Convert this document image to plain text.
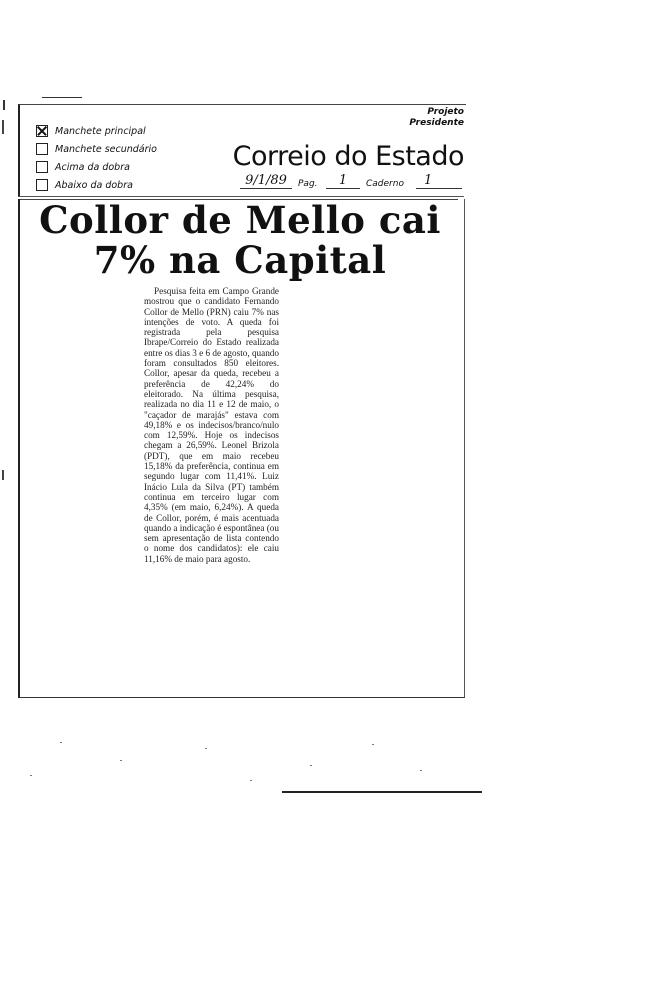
Manchete principal
Manchete secundário
Acima da dobra
Abaixo da dobra
Projeto
Presidente
Correio do Estado
9/1/89	Pag.	1	Caderno	1
Collor de Mello cai
7% na Capital
Pesquisa feita em Campo Grande mostrou que o candidato Fernando Collor de Mello (PRN) caiu 7% nas intenções de voto. A queda foi registrada pela pesquisa Ibrape/Correio do Estado realizada entre os dias 3 e 6 de agosto, quando foram consultados 850 eleitores. Collor, apesar da queda, recebeu a preferência de 42,24% do eleitorado. Na última pesquisa, realizada no dia 11 e 12 de maio, o "caçador de marajás" estava com 49,18% e os indecisos/branco/nulo com 12,59%. Hoje os indecisos chegam a 26,59%. Leonel Brizola (PDT), que em maio recebeu 15,18% da preferência, continua em segundo lugar com 11,41%. Luiz Inácio Lula da Silva (PT) também continua em terceiro lugar com 4,35% (em maio, 6,24%). A queda de Collor, porém, é mais acentuada quando a indicação é espontânea (ou sem apresentação de lista contendo o nome dos candidatos): ele caiu 11,16% de maio para agosto.
